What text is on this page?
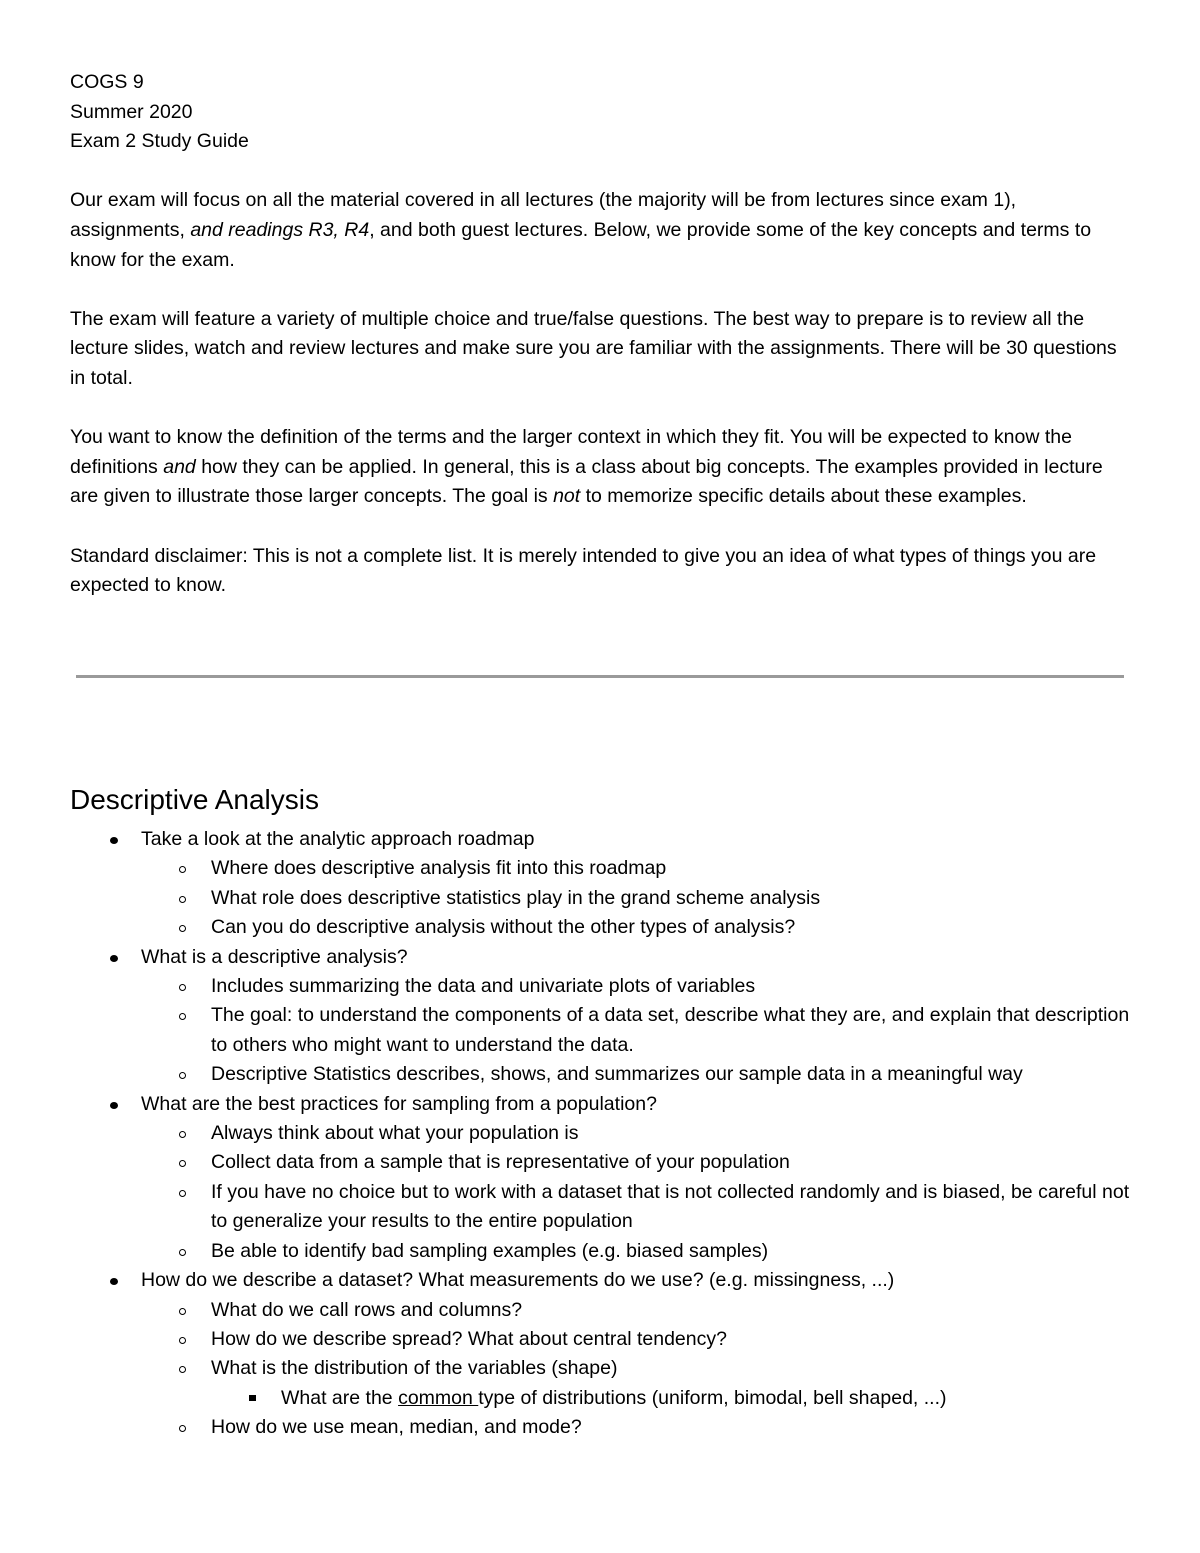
COGS 9
Summer 2020
Exam 2 Study Guide

Our exam will focus on all the material covered in all lectures (the majority will be from lectures since exam 1), assignments, and readings R3, R4, and both guest lectures. Below, we provide some of the key concepts and terms to know for the exam.

The exam will feature a variety of multiple choice and true/false questions. The best way to prepare is to review all the lecture slides, watch and review lectures and make sure you are familiar with the assignments. There will be 30 questions in total.

You want to know the definition of the terms and the larger context in which they fit. You will be expected to know the definitions and how they can be applied. In general, this is a class about big concepts. The examples provided in lecture are given to illustrate those larger concepts. The goal is not to memorize specific details about these examples.

Standard disclaimer: This is not a complete list. It is merely intended to give you an idea of what types of things you are expected to know.

Descriptive Analysis
Take a look at the analytic approach roadmap
Where does descriptive analysis fit into this roadmap
What role does descriptive statistics play in the grand scheme analysis
Can you do descriptive analysis without the other types of analysis?
What is a descriptive analysis?
Includes summarizing the data and univariate plots of variables
The goal: to understand the components of a data set, describe what they are, and explain that description to others who might want to understand the data.
Descriptive Statistics describes, shows, and summarizes our sample data in a meaningful way
What are the best practices for sampling from a population?
Always think about what your population is
Collect data from a sample that is representative of your population
If you have no choice but to work with a dataset that is not collected randomly and is biased, be careful not to generalize your results to the entire population
Be able to identify bad sampling examples (e.g. biased samples)
How do we describe a dataset? What measurements do we use? (e.g. missingness, ...)
What do we call rows and columns?
How do we describe spread? What about central tendency?
What is the distribution of the variables (shape)
What are the common type of distributions (uniform, bimodal, bell shaped, ...)
How do we use mean, median, and mode?
